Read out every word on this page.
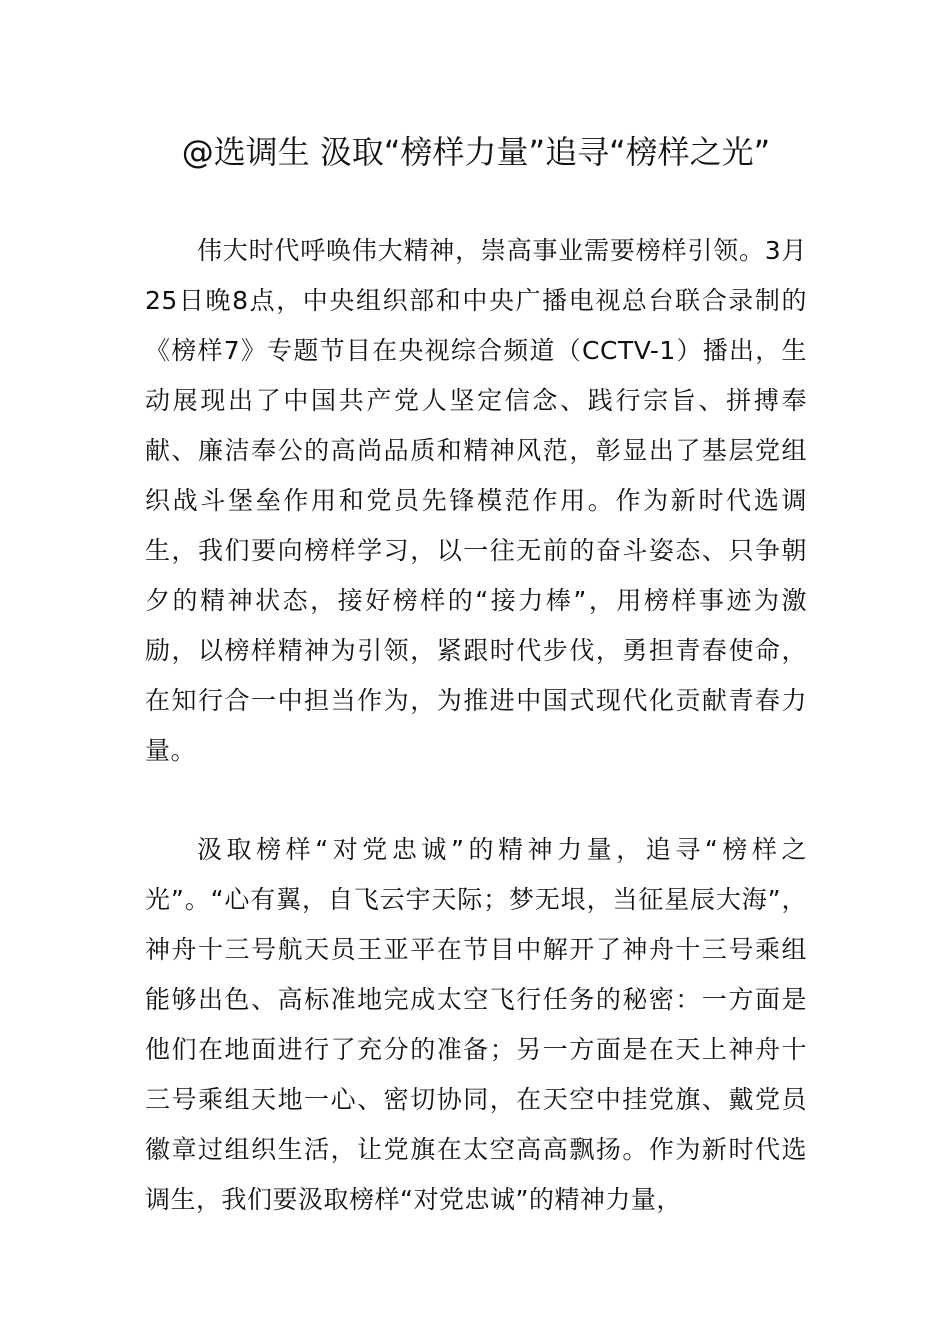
@选调生 汲取“榜样力量”追寻“榜样之光”

伟大时代呼唤伟大精神，崇高事业需要榜样引领。3月25日晚8点，中央组织部和中央广播电视总台联合录制的《榜样7》专题节目在央视综合频道（CCTV-1）播出，生动展现出了中国共产党人坚定信念、践行宗旨、拼搏奉献、廉洁奉公的高尚品质和精神风范，彰显出了基层党组织战斗堡垒作用和党员先锋模范作用。作为新时代选调生，我们要向榜样学习，以一往无前的奋斗姿态、只争朝夕的精神状态，接好榜样的“接力棒”，用榜样事迹为激励，以榜样精神为引领，紧跟时代步伐，勇担青春使命，在知行合一中担当作为，为推进中国式现代化贡献青春力量。

汲取榜样“对党忠诚”的精神力量，追寻“榜样之光”。“心有翼，自飞云宇天际；梦无垠，当征星辰大海”，神舟十三号航天员王亚平在节目中解开了神舟十三号乘组能够出色、高标准地完成太空飞行任务的秘密：一方面是他们在地面进行了充分的准备；另一方面是在天上神舟十三号乘组天地一心、密切协同，在天空中挂党旗、戴党员徽章过组织生活，让党旗在太空高高飘扬。作为新时代选调生，我们要汲取榜样“对党忠诚”的精神力量，
